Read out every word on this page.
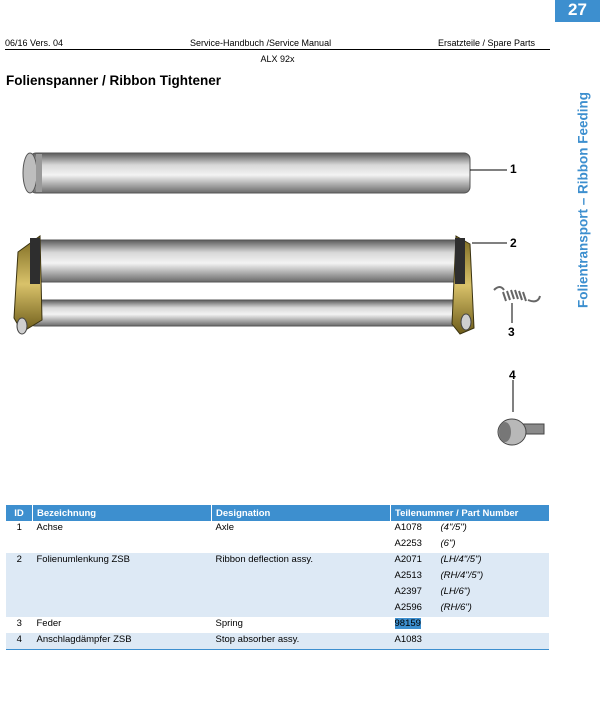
06/16 Vers. 04	Service-Handbuch /Service Manual	Ersatzteile / Spare Parts
ALX 92x
27
Folientransport – Ribbon Feeding
Folienspanner / Ribbon Tightener
1
2
3
4
ID	Bezeichnung	Designation	Teilenummer / Part Number
1	Achse	Axle	A1078 (4"/5")
			A2253 (6")
2	Folienumlenkung ZSB	Ribbon deflection assy.	A2071 (LH/4"/5")
			A2513 (RH/4"/5")
			A2397 (LH/6")
			A2596 (RH/6")
3	Feder	Spring	98159
4	Anschlagdämpfer ZSB	Stop absorber assy.	A1083
